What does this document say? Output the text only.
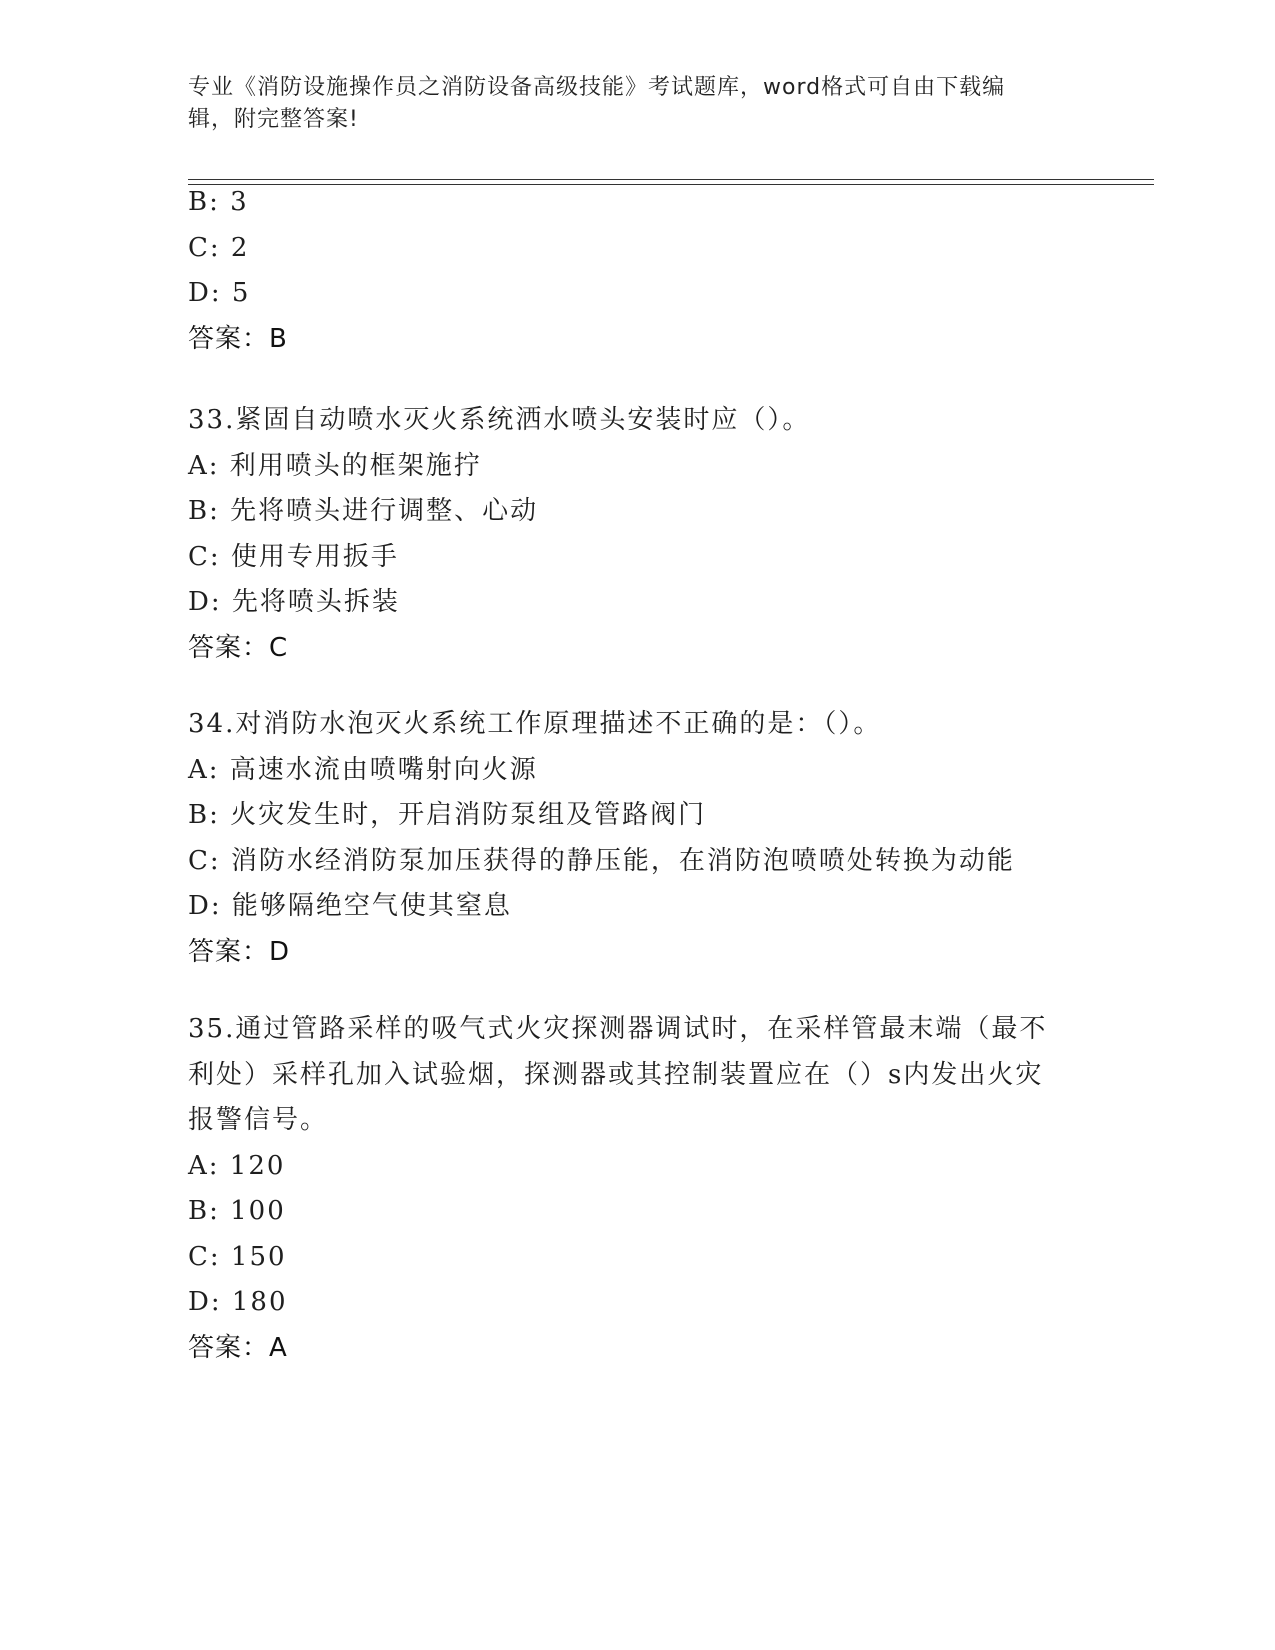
专业《消防设施操作员之消防设备高级技能》考试题库，word格式可自由下载编
辑，附完整答案!
B: 3
C: 2
D: 5
答案：B
33.紧固自动喷水灭火系统洒水喷头安装时应（）。
A: 利用喷头的框架施拧
B: 先将喷头进行调整、心动
C: 使用专用扳手
D: 先将喷头拆装
答案：C
34.对消防水泡灭火系统工作原理描述不正确的是：（）。
A: 高速水流由喷嘴射向火源
B: 火灾发生时，开启消防泵组及管路阀门
C: 消防水经消防泵加压获得的静压能，在消防泡喷喷处转换为动能
D: 能够隔绝空气使其窒息
答案：D
35.通过管路采样的吸气式火灾探测器调试时，在采样管最末端（最不
利处）采样孔加入试验烟，探测器或其控制装置应在（）s内发出火灾
报警信号。
A: 120
B: 100
C: 150
D: 180
答案：A
